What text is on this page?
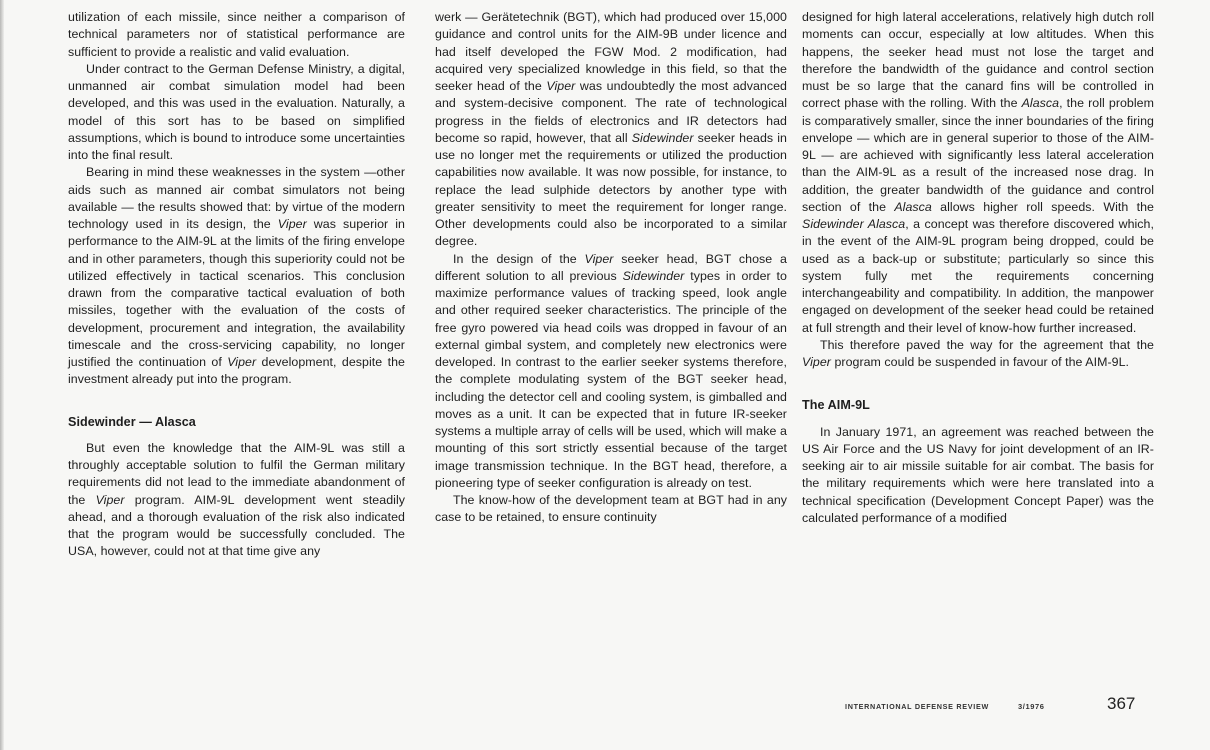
utilization of each missile, since neither a comparison of technical parameters nor of statistical performance are sufficient to provide a realistic and valid evaluation.

Under contract to the German Defense Ministry, a digital, unmanned air combat simulation model had been developed, and this was used in the evaluation. Naturally, a model of this sort has to be based on simplified assumptions, which is bound to introduce some uncertainties into the final result.

Bearing in mind these weaknesses in the system —other aids such as manned air combat simulators not being available — the results showed that: by virtue of the modern technology used in its design, the Viper was superior in performance to the AIM-9L at the limits of the firing envelope and in other parameters, though this superiority could not be utilized effectively in tactical scenarios. This conclusion drawn from the comparative tactical evaluation of both missiles, together with the evaluation of the costs of development, procurement and integration, the availability timescale and the cross-servicing capability, no longer justified the continuation of Viper development, despite the investment already put into the program.

Sidewinder — Alasca

But even the knowledge that the AIM-9L was still a throughly acceptable solution to fulfil the German military requirements did not lead to the immediate abandonment of the Viper program. AIM-9L development went steadily ahead, and a thorough evaluation of the risk also indicated that the program would be successfully concluded. The USA, however, could not at that time give any

werk — Gerätetechnik (BGT), which had produced over 15,000 guidance and control units for the AIM-9B under licence and had itself developed the FGW Mod. 2 modification, had acquired very specialized knowledge in this field, so that the seeker head of the Viper was undoubtedly the most advanced and system-decisive component. The rate of technological progress in the fields of electronics and IR detectors had become so rapid, however, that all Sidewinder seeker heads in use no longer met the requirements or utilized the production capabilities now available. It was now possible, for instance, to replace the lead sulphide detectors by another type with greater sensitivity to meet the requirement for longer range. Other developments could also be incorporated to a similar degree.

In the design of the Viper seeker head, BGT chose a different solution to all previous Sidewinder types in order to maximize performance values of tracking speed, look angle and other required seeker characteristics. The principle of the free gyro powered via head coils was dropped in favour of an external gimbal system, and completely new electronics were developed. In contrast to the earlier seeker systems therefore, the complete modulating system of the BGT seeker head, including the detector cell and cooling system, is gimballed and moves as a unit. It can be expected that in future IR-seeker systems a multiple array of cells will be used, which will make a mounting of this sort strictly essential because of the target image transmission technique. In the BGT head, therefore, a pioneering type of seeker configuration is already on test.

The know-how of the development team at BGT had in any case to be retained, to ensure continuity

designed for high lateral accelerations, relatively high dutch roll moments can occur, especially at low altitudes. When this happens, the seeker head must not lose the target and therefore the bandwidth of the guidance and control section must be so large that the canard fins will be controlled in correct phase with the rolling. With the Alasca, the roll problem is comparatively smaller, since the inner boundaries of the firing envelope — which are in general superior to those of the AIM-9L — are achieved with significantly less lateral acceleration than the AIM-9L as a result of the increased nose drag. In addition, the greater bandwidth of the guidance and control section of the Alasca allows higher roll speeds. With the Sidewinder Alasca, a concept was therefore discovered which, in the event of the AIM-9L program being dropped, could be used as a back-up or substitute; particularly so since this system fully met the requirements concerning interchangeability and compatibility. In addition, the manpower engaged on development of the seeker head could be retained at full strength and their level of know-how further increased.

This therefore paved the way for the agreement that the Viper program could be suspended in favour of the AIM-9L.

The AIM-9L

In January 1971, an agreement was reached between the US Air Force and the US Navy for joint development of an IR-seeking air to air missile suitable for air combat. The basis for the military requirements which were here translated into a technical specification (Development Concept Paper) was the calculated performance of a modified

INTERNATIONAL DEFENSE REVIEW	3/1976	367
